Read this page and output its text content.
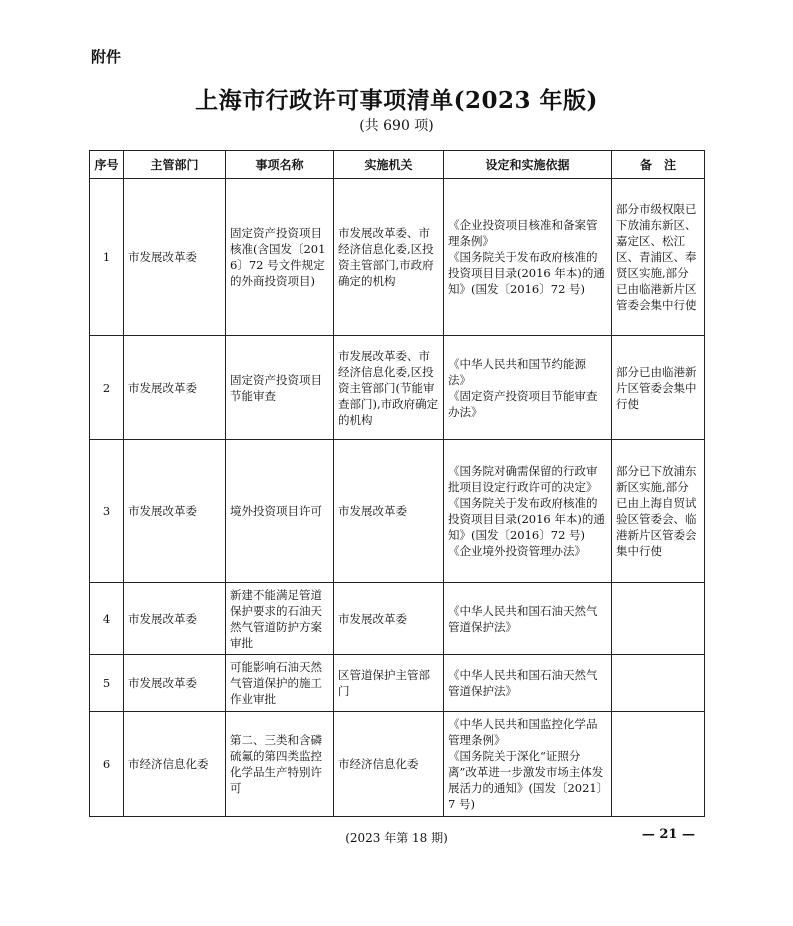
附件
上海市行政许可事项清单(2023 年版)
(共 690 项)
序号	主管部门	事项名称	实施机关	设定和实施依据	备　注
1	市发展改革委	固定资产投资项目核准(含国发〔2016〕72 号文件规定的外商投资项目)	市发展改革委、市经济信息化委,区投资主管部门,市政府确定的机构	《企业投资项目核准和备案管理条例》
《国务院关于发布政府核准的投资项目目录(2016 年本)的通知》(国发〔2016〕72 号)	部分市级权限已下放浦东新区、嘉定区、松江区、青浦区、奉贤区实施,部分已由临港新片区管委会集中行使
2	市发展改革委	固定资产投资项目节能审查	市发展改革委、市经济信息化委,区投资主管部门(节能审查部门),市政府确定的机构	《中华人民共和国节约能源法》
《固定资产投资项目节能审查办法》	部分已由临港新片区管委会集中行使
3	市发展改革委	境外投资项目许可	市发展改革委	《国务院对确需保留的行政审批项目设定行政许可的决定》
《国务院关于发布政府核准的投资项目目录(2016 年本)的通知》(国发〔2016〕72 号)
《企业境外投资管理办法》	部分已下放浦东新区实施,部分已由上海自贸试验区管委会、临港新片区管委会集中行使
4	市发展改革委	新建不能满足管道保护要求的石油天然气管道防护方案审批	市发展改革委	《中华人民共和国石油天然气管道保护法》	
5	市发展改革委	可能影响石油天然气管道保护的施工作业审批	区管道保护主管部门	《中华人民共和国石油天然气管道保护法》	
6	市经济信息化委	第二、三类和含磷硫氟的第四类监控化学品生产特别许可	市经济信息化委	《中华人民共和国监控化学品管理条例》
《国务院关于深化“证照分离”改革进一步激发市场主体发展活力的通知》(国发〔2021〕7 号)	
(2023 年第 18 期)	— 21 —
